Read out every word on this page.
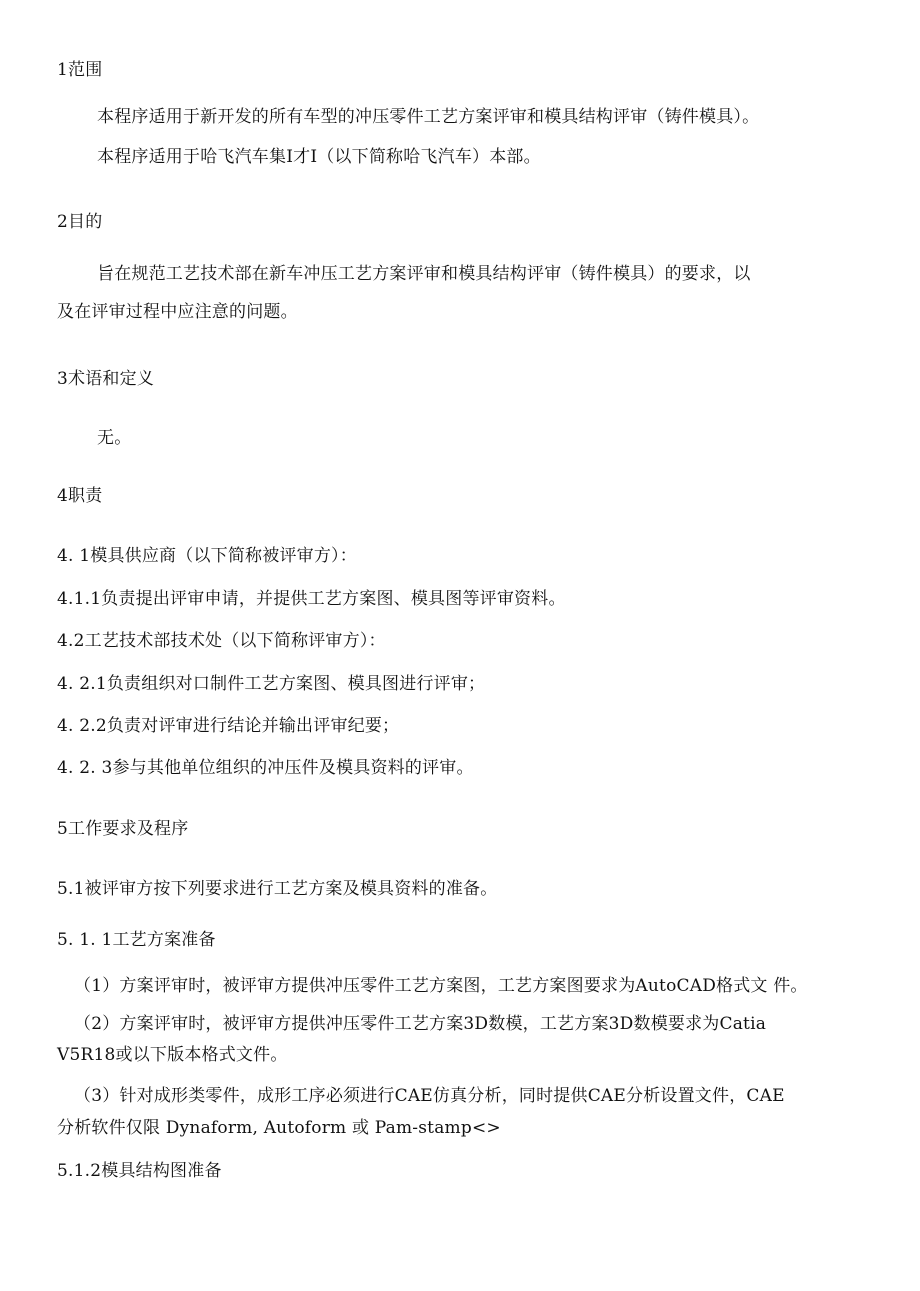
1范围
本程序适用于新开发的所有车型的冲压零件工艺方案评审和模具结构评审（铸件模具）。
本程序适用于哈飞汽车集I才I（以下简称哈飞汽车）本部。
2目的
旨在规范工艺技术部在新车冲压工艺方案评审和模具结构评审（铸件模具）的要求，以
及在评审过程中应注意的问题。
3术语和定义
无。
4职责
4. 1模具供应商（以下简称被评审方）：
4.1.1负责提出评审申请，并提供工艺方案图、模具图等评审资料。
4.2工艺技术部技术处（以下简称评审方）：
4. 2.1负责组织对口制件工艺方案图、模具图进行评审；
4. 2.2负责对评审进行结论并输出评审纪要；
4. 2. 3参与其他单位组织的冲压件及模具资料的评审。
5工作要求及程序
5.1被评审方按下列要求进行工艺方案及模具资料的准备。
5. 1. 1工艺方案准备
（1）方案评审时，被评审方提供冲压零件工艺方案图，工艺方案图要求为AutoCAD格式文 件。
（2）方案评审时，被评审方提供冲压零件工艺方案3D数模，工艺方案3D数模要求为Catia
V5R18或以下版本格式文件。
（3）针对成形类零件，成形工序必须进行CAE仿真分析，同时提供CAE分析设置文件，CAE
分析软件仅限 Dynaform, Autoform 或 Pam-stamp<>
5.1.2模具结构图准备
